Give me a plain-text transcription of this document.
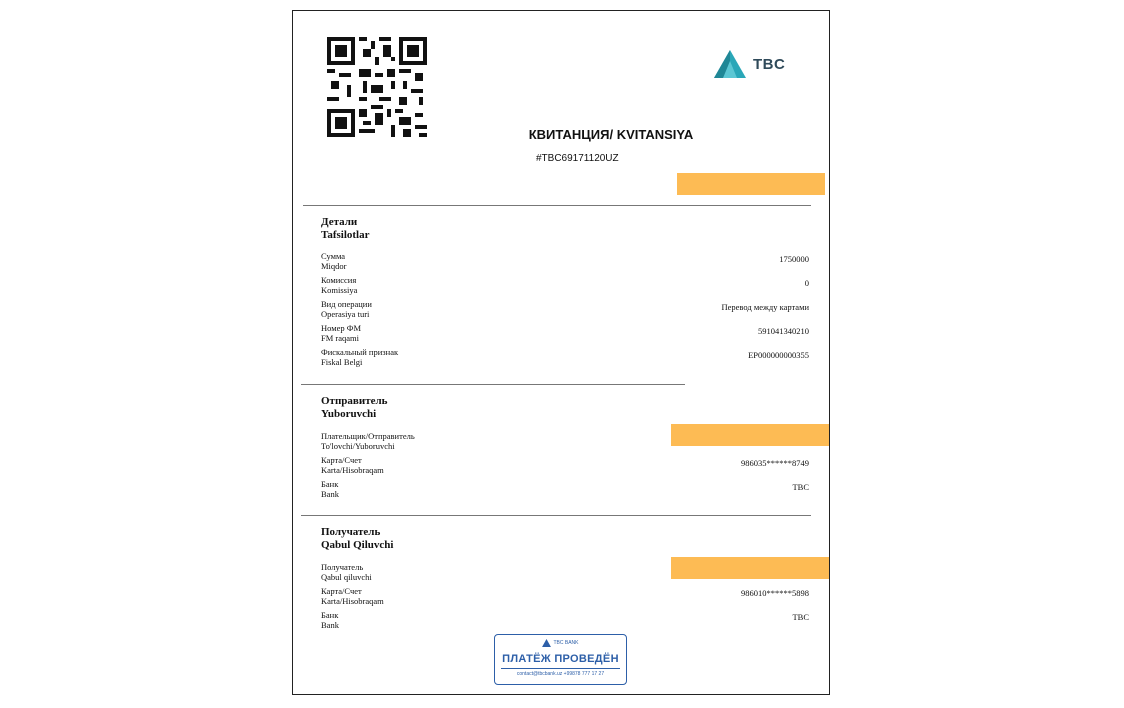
TBC
КВИТАНЦИЯ/ KVITANSIYA
#TBC69171120UZ
Детали
Tafsilotlar
Сумма
Miqdor
1750000
Комиссия
Komissiya
0
Вид операции
Operasiya turi
Перевод между картами
Номер ФМ
FM raqami
591041340210
Фискальный признак
Fiskal Belgi
EP000000000355
Отправитель
Yuboruvchi
Плательщик/Отправитель
To'lovchi/Yuboruvchi
Карта/Счет
Karta/Hisobraqam
986035******8749
Банк
Bank
TBC
Получатель
Qabul Qiluvchi
Получатель
Qabul qiluvchi
Карта/Счет
Karta/Hisobraqam
986010******5898
Банк
Bank
TBC
TBC BANK
ПЛАТЁЖ ПРОВЕДЁН
contact@tbcbank.uz +99878 777 17 27
